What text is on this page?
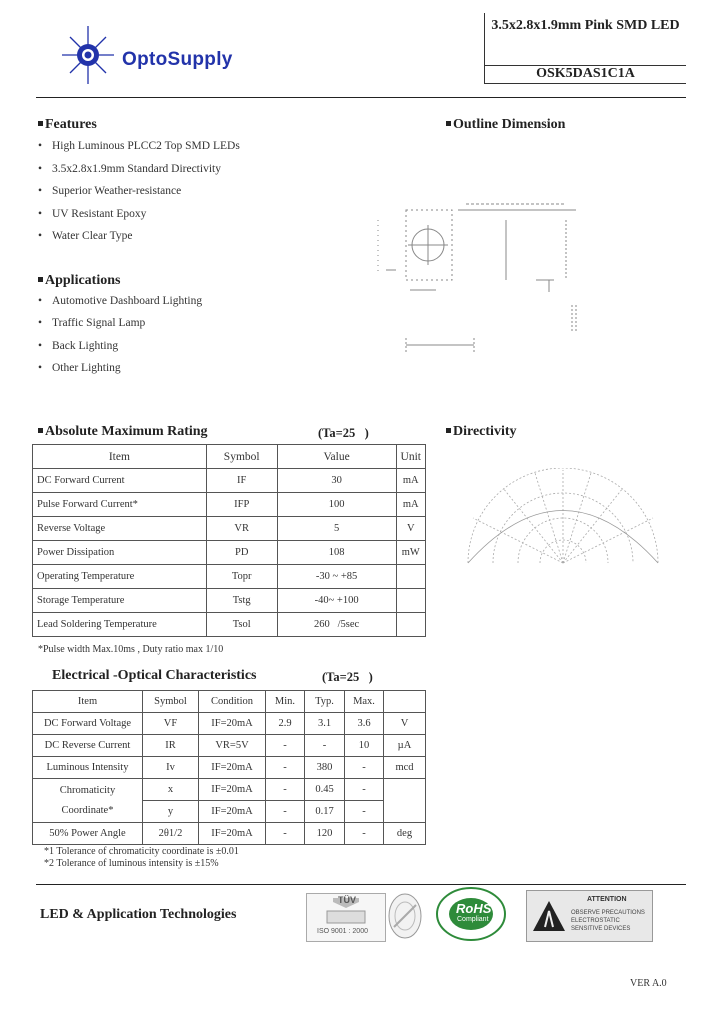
OptoSupply
3.5x2.8x1.9mm Pink SMD LED
OSK5DAS1C1A
Features
• High Luminous PLCC2 Top SMD LEDs
• 3.5x2.8x1.9mm Standard Directivity
• Superior Weather-resistance
• UV Resistant Epoxy
• Water Clear Type
Applications
• Automotive Dashboard Lighting
• Traffic Signal Lamp
• Back Lighting
• Other Lighting
Outline Dimension
Directivity
Absolute Maximum Rating	(Ta=25   )
Item	Symbol	Value	Unit
DC Forward Current	IF	30	mA
Pulse Forward Current*	IFP	100	mA
Reverse Voltage	VR	5	V
Power Dissipation	PD	108	mW
Operating Temperature	Topr	-30 ~ +85	
Storage Temperature	Tstg	-40~ +100	
Lead Soldering Temperature	Tsol	260   /5sec	
*Pulse width Max.10ms , Duty ratio max 1/10
Electrical -Optical Characteristics	(Ta=25   )
Item	Symbol	Condition	Min.	Typ.	Max.	
DC Forward Voltage	VF	IF=20mA	2.9	3.1	3.6	V
DC Reverse Current	IR	VR=5V	-	-	10	µA
Luminous Intensity	Iv	IF=20mA	-	380	-	mcd

Chromaticity
Coordinate*	x	IF=20mA	-	0.45	-	
	y	IF=20mA	-	0.17	-	
50% Power Angle	2θ1/2	IF=20mA	-	120	-	deg
*1 Tolerance of chromaticity coordinate is ±0.01
*2 Tolerance of luminous intensity is ±15%
LED & Application Technologies
TÜV
ISO 9001 : 2000
RoHS
Compliant
ATTENTION
OBSERVE PRECAUTIONS
ELECTROSTATIC
SENSITIVE DEVICES
VER A.0
